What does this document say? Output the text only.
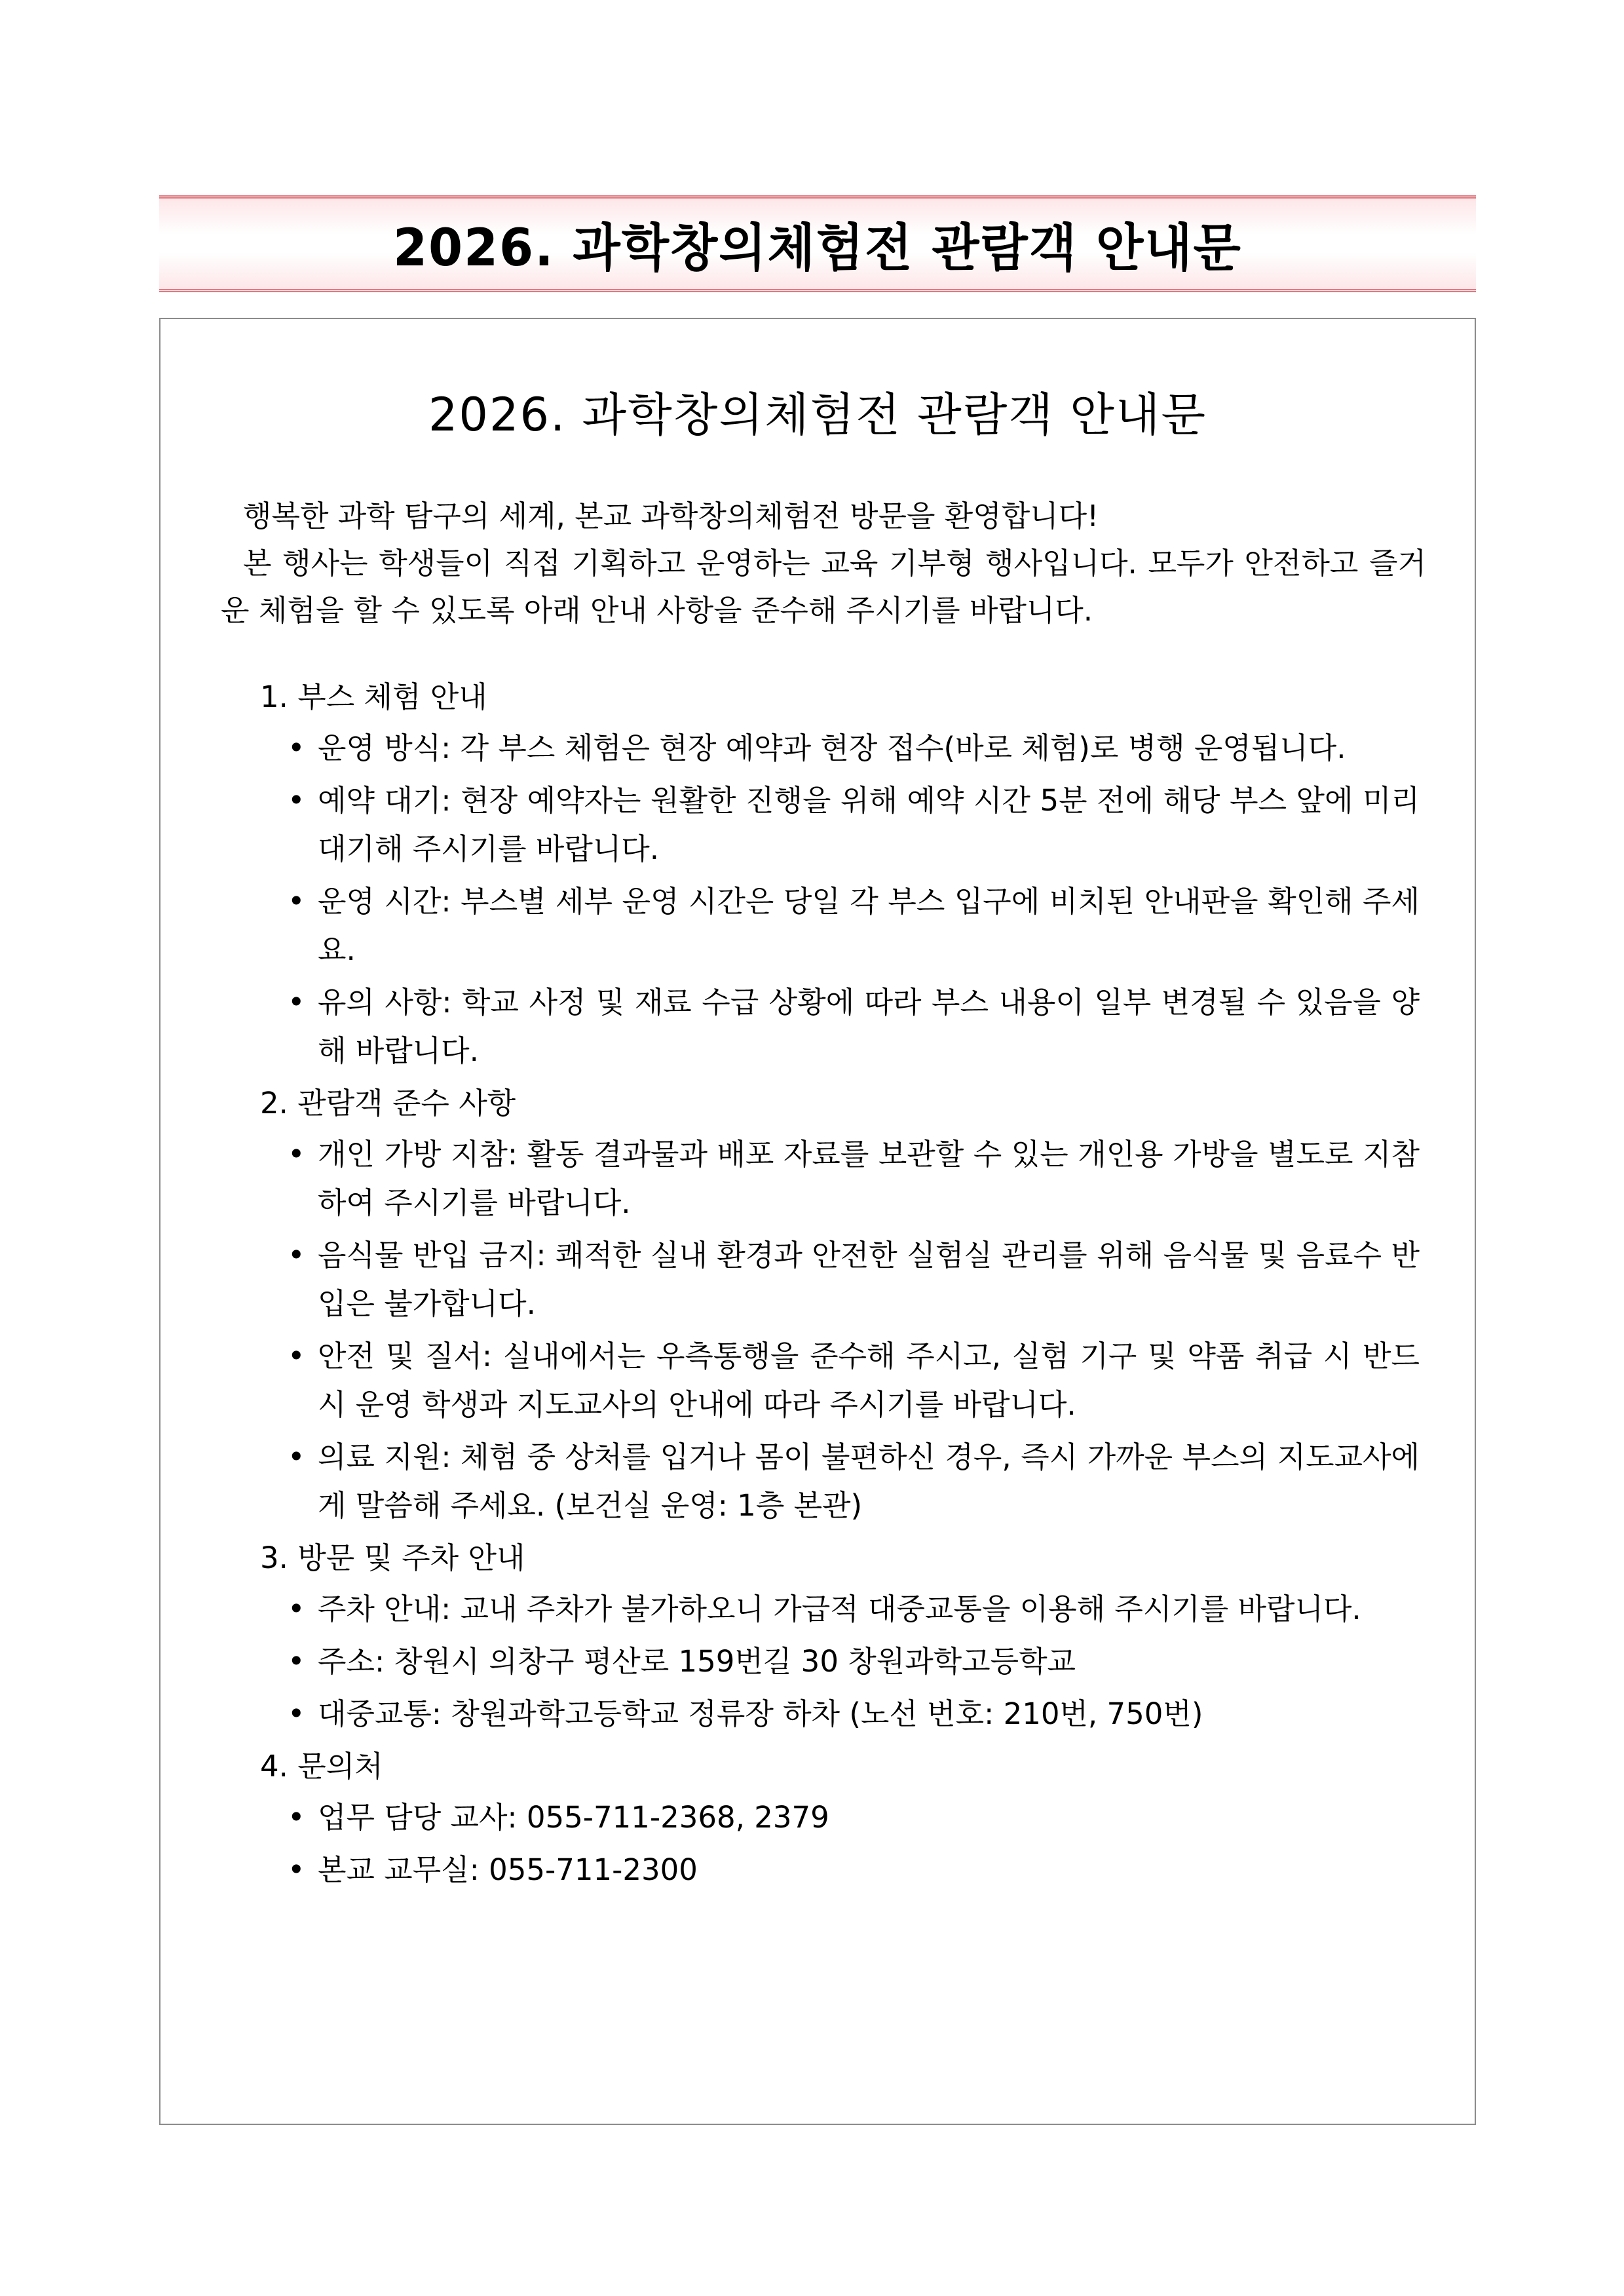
2026. 과학창의체험전 관람객 안내문
2026. 과학창의체험전 관람객 안내문

행복한 과학 탐구의 세계, 본교 과학창의체험전 방문을 환영합니다!

본 행사는 학생들이 직접 기획하고 운영하는 교육 기부형 행사입니다. 모두가 안전하고 즐거운 체험을 할 수 있도록 아래 안내 사항을 준수해 주시기를 바랍니다.

1. 부스 체험 안내

• 운영 방식: 각 부스 체험은 현장 예약과 현장 접수(바로 체험)로 병행 운영됩니다.
• 예약 대기: 현장 예약자는 원활한 진행을 위해 예약 시간 5분 전에 해당 부스 앞에 미리 대기해 주시기를 바랍니다.
• 운영 시간: 부스별 세부 운영 시간은 당일 각 부스 입구에 비치된 안내판을 확인해 주세요.
• 유의 사항: 학교 사정 및 재료 수급 상황에 따라 부스 내용이 일부 변경될 수 있음을 양해 바랍니다.

2. 관람객 준수 사항

• 개인 가방 지참: 활동 결과물과 배포 자료를 보관할 수 있는 개인용 가방을 별도로 지참하여 주시기를 바랍니다.
• 음식물 반입 금지: 쾌적한 실내 환경과 안전한 실험실 관리를 위해 음식물 및 음료수 반입은 불가합니다.
• 안전 및 질서: 실내에서는 우측통행을 준수해 주시고, 실험 기구 및 약품 취급 시 반드시 운영 학생과 지도교사의 안내에 따라 주시기를 바랍니다.
• 의료 지원: 체험 중 상처를 입거나 몸이 불편하신 경우, 즉시 가까운 부스의 지도교사에게 말씀해 주세요. (보건실 운영: 1층 본관)

3. 방문 및 주차 안내

• 주차 안내: 교내 주차가 불가하오니 가급적 대중교통을 이용해 주시기를 바랍니다.
• 주소: 창원시 의창구 평산로 159번길 30 창원과학고등학교
• 대중교통: 창원과학고등학교 정류장 하차 (노선 번호: 210번, 750번)

4. 문의처

• 업무 담당 교사: 055-711-2368, 2379
• 본교 교무실: 055-711-2300
